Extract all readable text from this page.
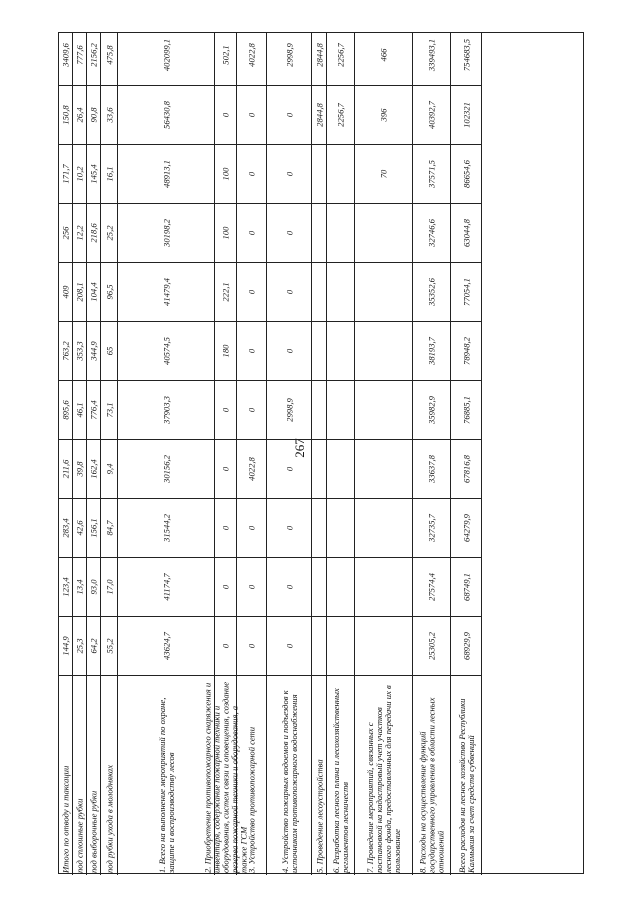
267
Итого по отводу и таксации
144,9
123,4
283,4
211,6
895,6
763,2
409
256
171,7
150,8
3409,6
под сплошные рубки
25,3
13,4
42,6
39,8
46,1
353,3
208,1
12,2
10,2
26,4
777,6
под выборочные рубки
64,2
93,0
156,1
162,4
776,4
344,9
104,4
218,6
145,4
90,8
2156,2
под рубки ухода в молодняках
55,2
17,0
84,7
9,4
73,1
65
96,5
25,2
16,1
33,6
475,8
1. Всего на выполнение мероприятий по охране, защите и воспроизводству лесов
43624,7
41174,7
31544,2
30156,2
37903,3
40574,5
41479,4
30198,2
48913,1
56430,8
402099,1
2. Приобретение противопожарного снаряжения и инвентаря, содержание пожарной техники и оборудования, систем связи и оповещения, создание резерва пожарной техники и оборудования, а также ГСМ
0
0
0
0
0
180
222,1
100
100
0
502,1
3. Устройство противопожарной сети
0
0
0
4022,8
0
0
0
0
0
0
4022,8
4. Устройство пожарных водоемов и подъездов к источникам противопожарного водоснабжения
0
0
0
0
2998,9
0
0
0
0
0
2998,9
5. Проведение лесоустройства
2844,8
2844,8
6. Разработка лесного плана и лесохозяйственных регламентов лесничеств
2256,7
2256,7
7. Проведение мероприятий, связанных с постановкой на кадастровый учет участков лесного фонда, предоставленных для передачи их в пользование
70
396
466
8. Расходы на осуществление функций государственного управления в области лесных отношений
25305,2
27574,4
32735,7
33637,8
35982,9
38193,7
35352,6
32746,6
37571,5
40392,7
339493,1
Всего расходов на лесное хозяйство Республики Калмыкия за счет средств субвенций
68929,9
68749,1
64279,9
67816,8
76885,1
78948,2
77054,1
63044,8
86654,6
102321
754683,5
